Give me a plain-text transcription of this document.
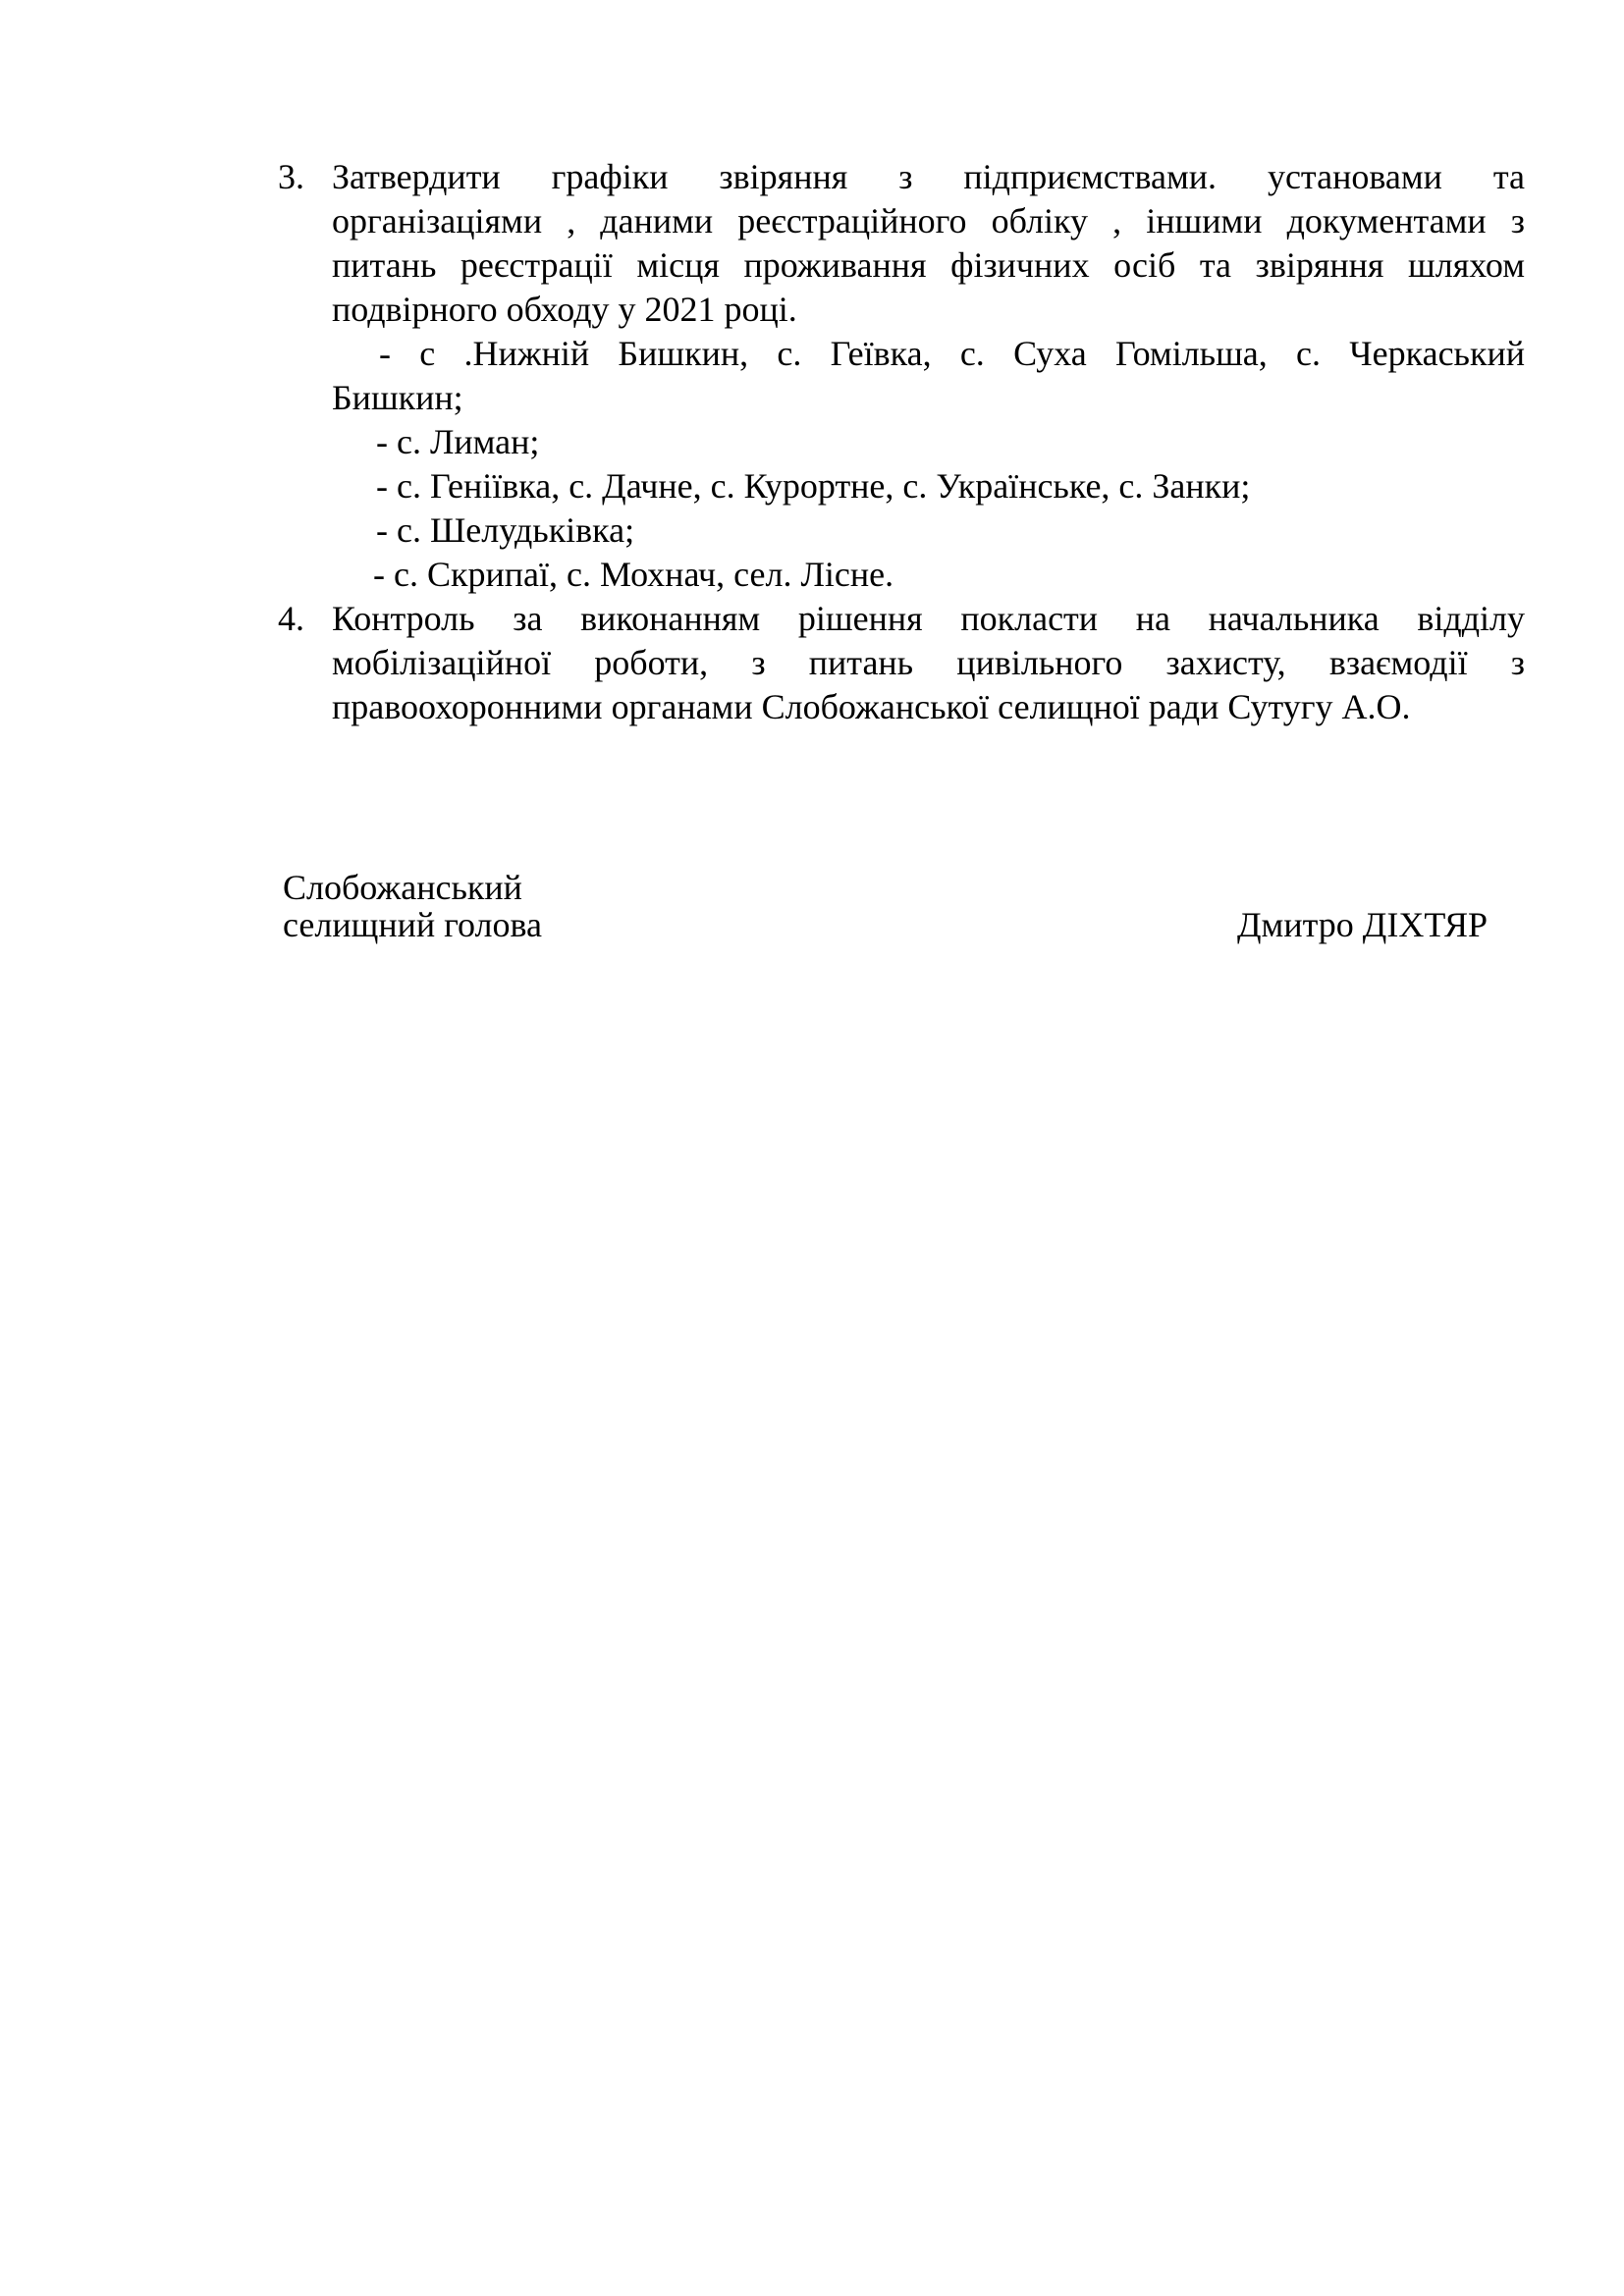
3. Затвердити графіки звіряння з підприємствами. установами та
організаціями , даними реєстраційного обліку , іншими документами з
питань реєстрації місця проживання фізичних осіб та звіряння шляхом
подвірного обходу у 2021 році.
- с .Нижній Бишкин, с. Геївка, с. Суха Гомільша, с. Черкаський
Бишкин;
- с. Лиман;
- с. Геніївка, с. Дачне, с. Курортне, с. Українське, с. Занки;
- с. Шелудьківка;
- с. Скрипаї, с. Мохнач, сел. Лісне.
4. Контроль за виконанням рішення покласти на начальника відділу
мобілізаційної роботи, з питань цивільного захисту, взаємодії з
правоохоронними органами Слобожанської селищної ради Сутугу А.О.
Слобожанський
селищний голова	Дмитро ДІХТЯР
